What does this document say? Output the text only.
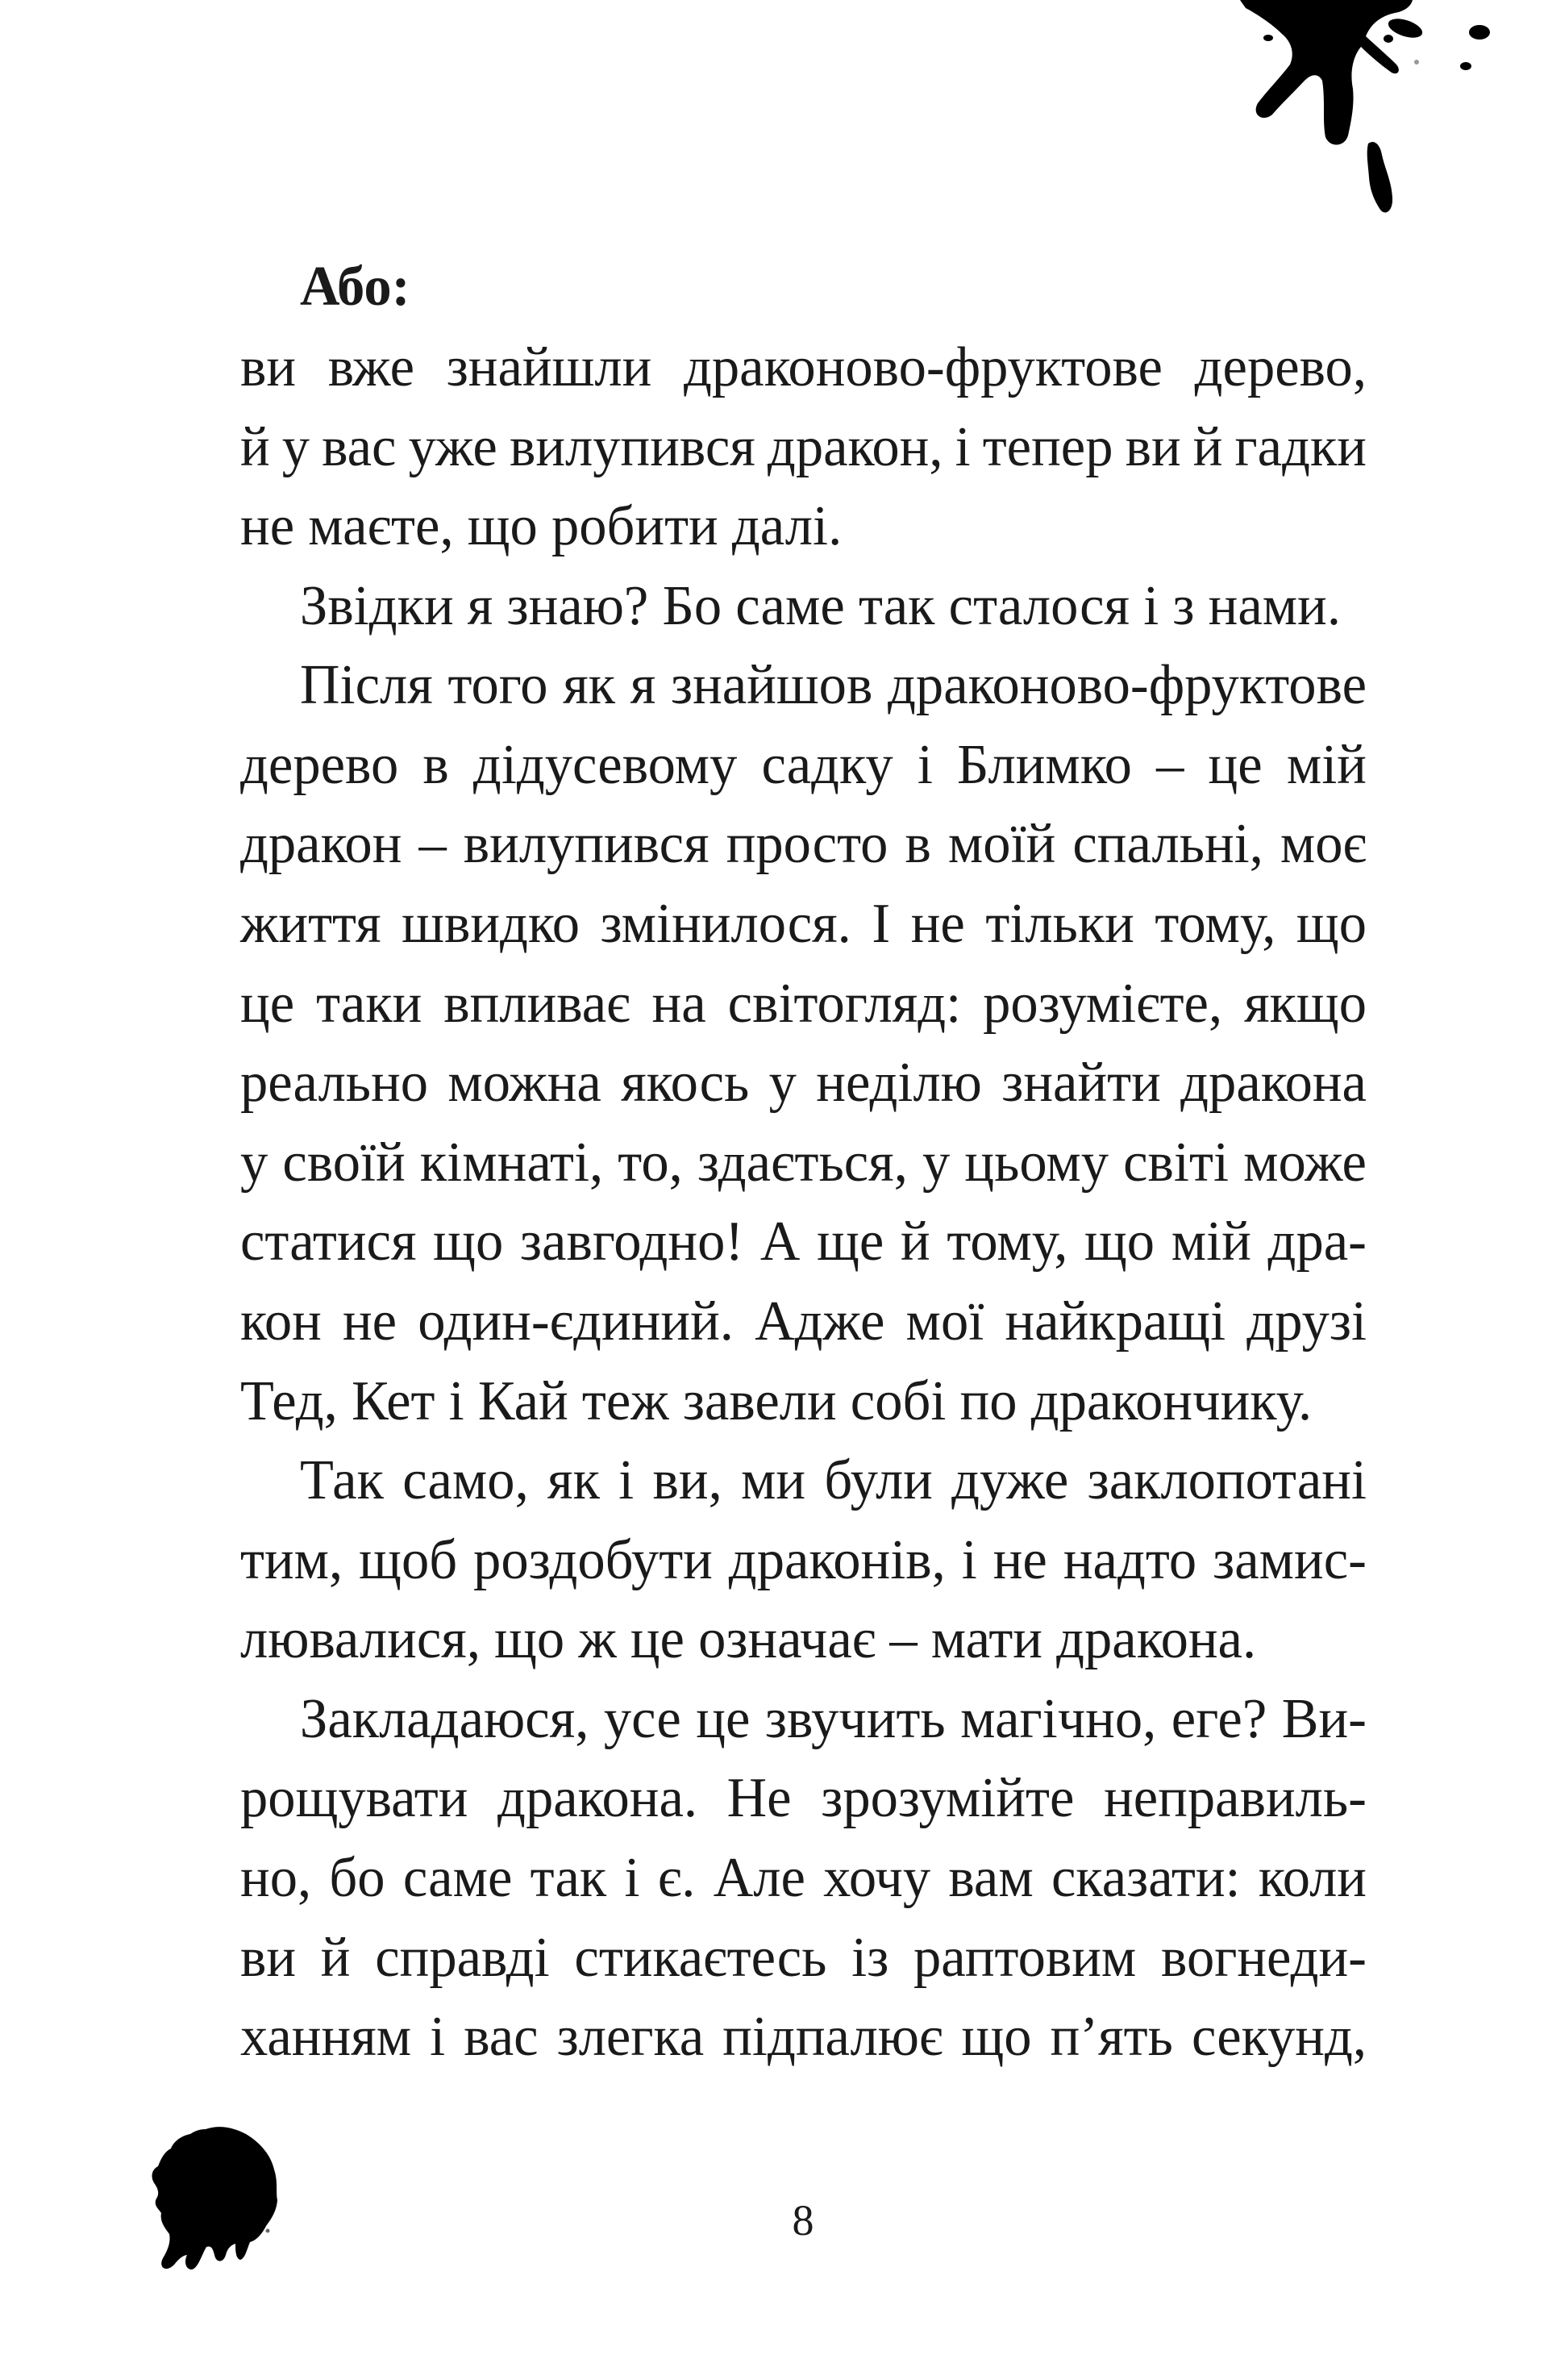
Або:
ви вже знайшли драконово-фруктове дерево,
й у вас уже вилупився дракон, і тепер ви й гадки
не маєте, що робити далі.
Звідки я знаю? Бо саме так сталося і з нами.
Після того як я знайшов драконово-фруктове
дерево в дідусевому садку і Блимко – це мій
дракон – вилупився просто в моїй спальні, моє
життя швидко змінилося. І не тільки тому, що
це таки впливає на світогляд: розумієте, якщо
реально можна якось у неділю знайти дракона
у своїй кімнаті, то, здається, у цьому світі може
статися що завгодно! А ще й тому, що мій дра-
кон не один-єдиний. Адже мої найкращі друзі
Тед, Кет і Кай теж завели собі по дракончику.
Так само, як і ви, ми були дуже заклопотані
тим, щоб роздобути драконів, і не надто замис-
лювалися, що ж це означає – мати дракона.
Закладаюся, усе це звучить магічно, еге? Ви-
рощувати дракона. Не зрозумійте неправиль-
но, бо саме так і є. Але хочу вам сказати: коли
ви й справді стикаєтесь із раптовим вогнеди-
ханням і вас злегка підпалює що п’ять секунд,
8
